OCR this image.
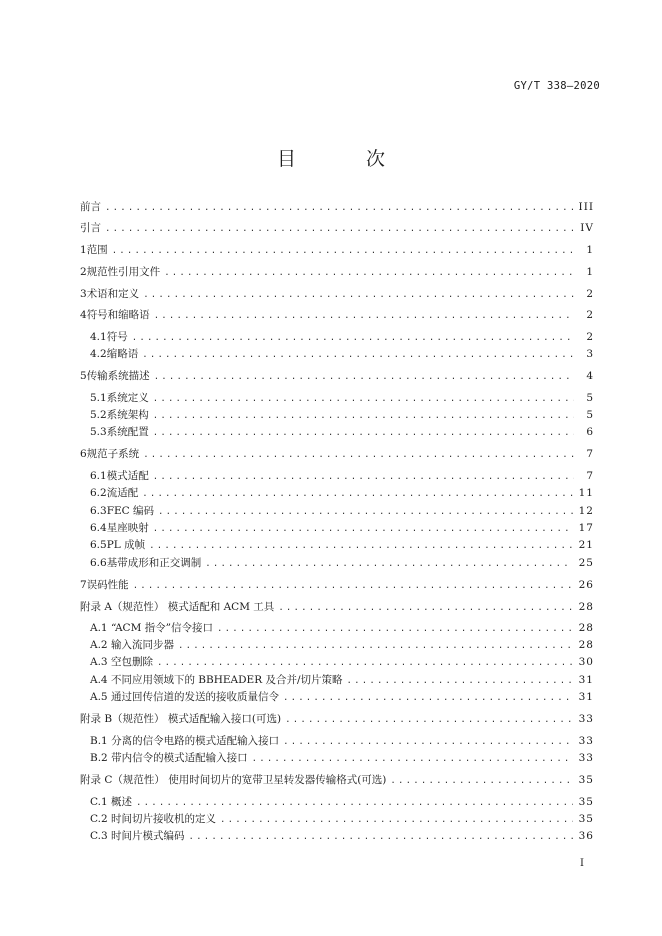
GY/T 338—2020
目 次
前言 .....	III
引言 .....	IV
1 范围 .....	1
2 规范性引用文件 .....	1
3 术语和定义 .....	2
4 符号和缩略语 .....	2
4.1 符号 .....	2
4.2 缩略语 .....	3
5 传输系统描述 .....	4
5.1 系统定义 .....	5
5.2 系统架构 .....	5
5.3 系统配置 .....	6
6 规范子系统 .....	7
6.1 模式适配 .....	7
6.2 流适配 .....	11
6.3 FEC 编码 .....	12
6.4 星座映射 .....	17
6.5 PL 成帧 .....	21
6.6 基带成形和正交调制 .....	25
7 误码性能 .....	26
附录 A（规范性） 模式适配和 ACM 工具 .....	28
A.1 “ACM 指令”信令接口 .....	28
A.2 输入流同步器 .....	28
A.3 空包删除 .....	30
A.4 不同应用领域下的 BBHEADER 及合并/切片策略 .....	31
A.5 通过回传信道的发送的接收质量信令 .....	31
附录 B（规范性） 模式适配输入接口(可选) .....	33
B.1 分离的信令电路的模式适配输入接口 .....	33
B.2 带内信令的模式适配输入接口 .....	33
附录 C（规范性） 使用时间切片的宽带卫星转发器传输格式(可选) .....	35
C.1 概述 .....	35
C.2 时间切片接收机的定义 .....	35
C.3 时间片模式编码 .....	36
I
